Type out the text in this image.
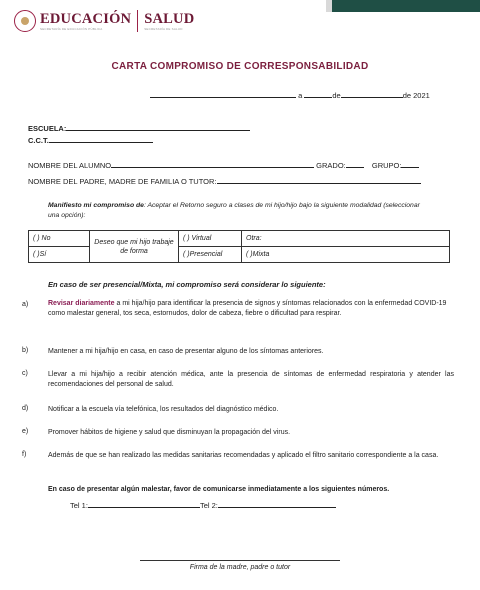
EDUCACIÓN
SECRETARÍA DE EDUCACIÓN PÚBLICA
SALUD
SECRETARÍA DE SALUD
CARTA COMPROMISO DE CORRESPONSABILIDAD
a	de	de 2021
ESCUELA:
C.C.T.
NOMBRE DEL ALUMNO	GRADO:	GRUPO:
NOMBRE DEL PADRE, MADRE DE FAMILIA O TUTOR:
Manifiesto mi compromiso de: Aceptar el Retorno seguro a clases de mi hijo/hijo bajo la siguiente modalidad (seleccionar una opción):
( ) No	Deseo que mi hijo trabaje de forma	( ) Virtual	Otra:
( )Sí		( )Presencial	( )Mixta
En caso de ser presencial/Mixta, mi compromiso será considerar lo siguiente:
a)	Revisar diariamente a mi hija/hijo para identificar la presencia de signos y síntomas relacionados con la enfermedad COVID-19 como malestar general, tos seca, estornudos, dolor de cabeza, fiebre o dificultad para respirar.
b)	Mantener a mi hija/hijo en casa, en caso de presentar alguno de los síntomas anteriores.
c)	Llevar a mi hija/hijo a recibir atención médica, ante la presencia de síntomas de enfermedad respiratoria y atender las recomendaciones del personal de salud.
d)	Notificar a la escuela vía telefónica, los resultados del diagnóstico médico.
e)	Promover hábitos de higiene y salud que disminuyan la propagación del virus.
f)	Además de que se han realizado las medidas sanitarias recomendadas y aplicado el filtro sanitario correspondiente a la casa.
En caso de presentar algún malestar, favor de comunicarse inmediatamente a los siguientes números.
Tel 1:	Tel 2:
Firma de la madre, padre o tutor
